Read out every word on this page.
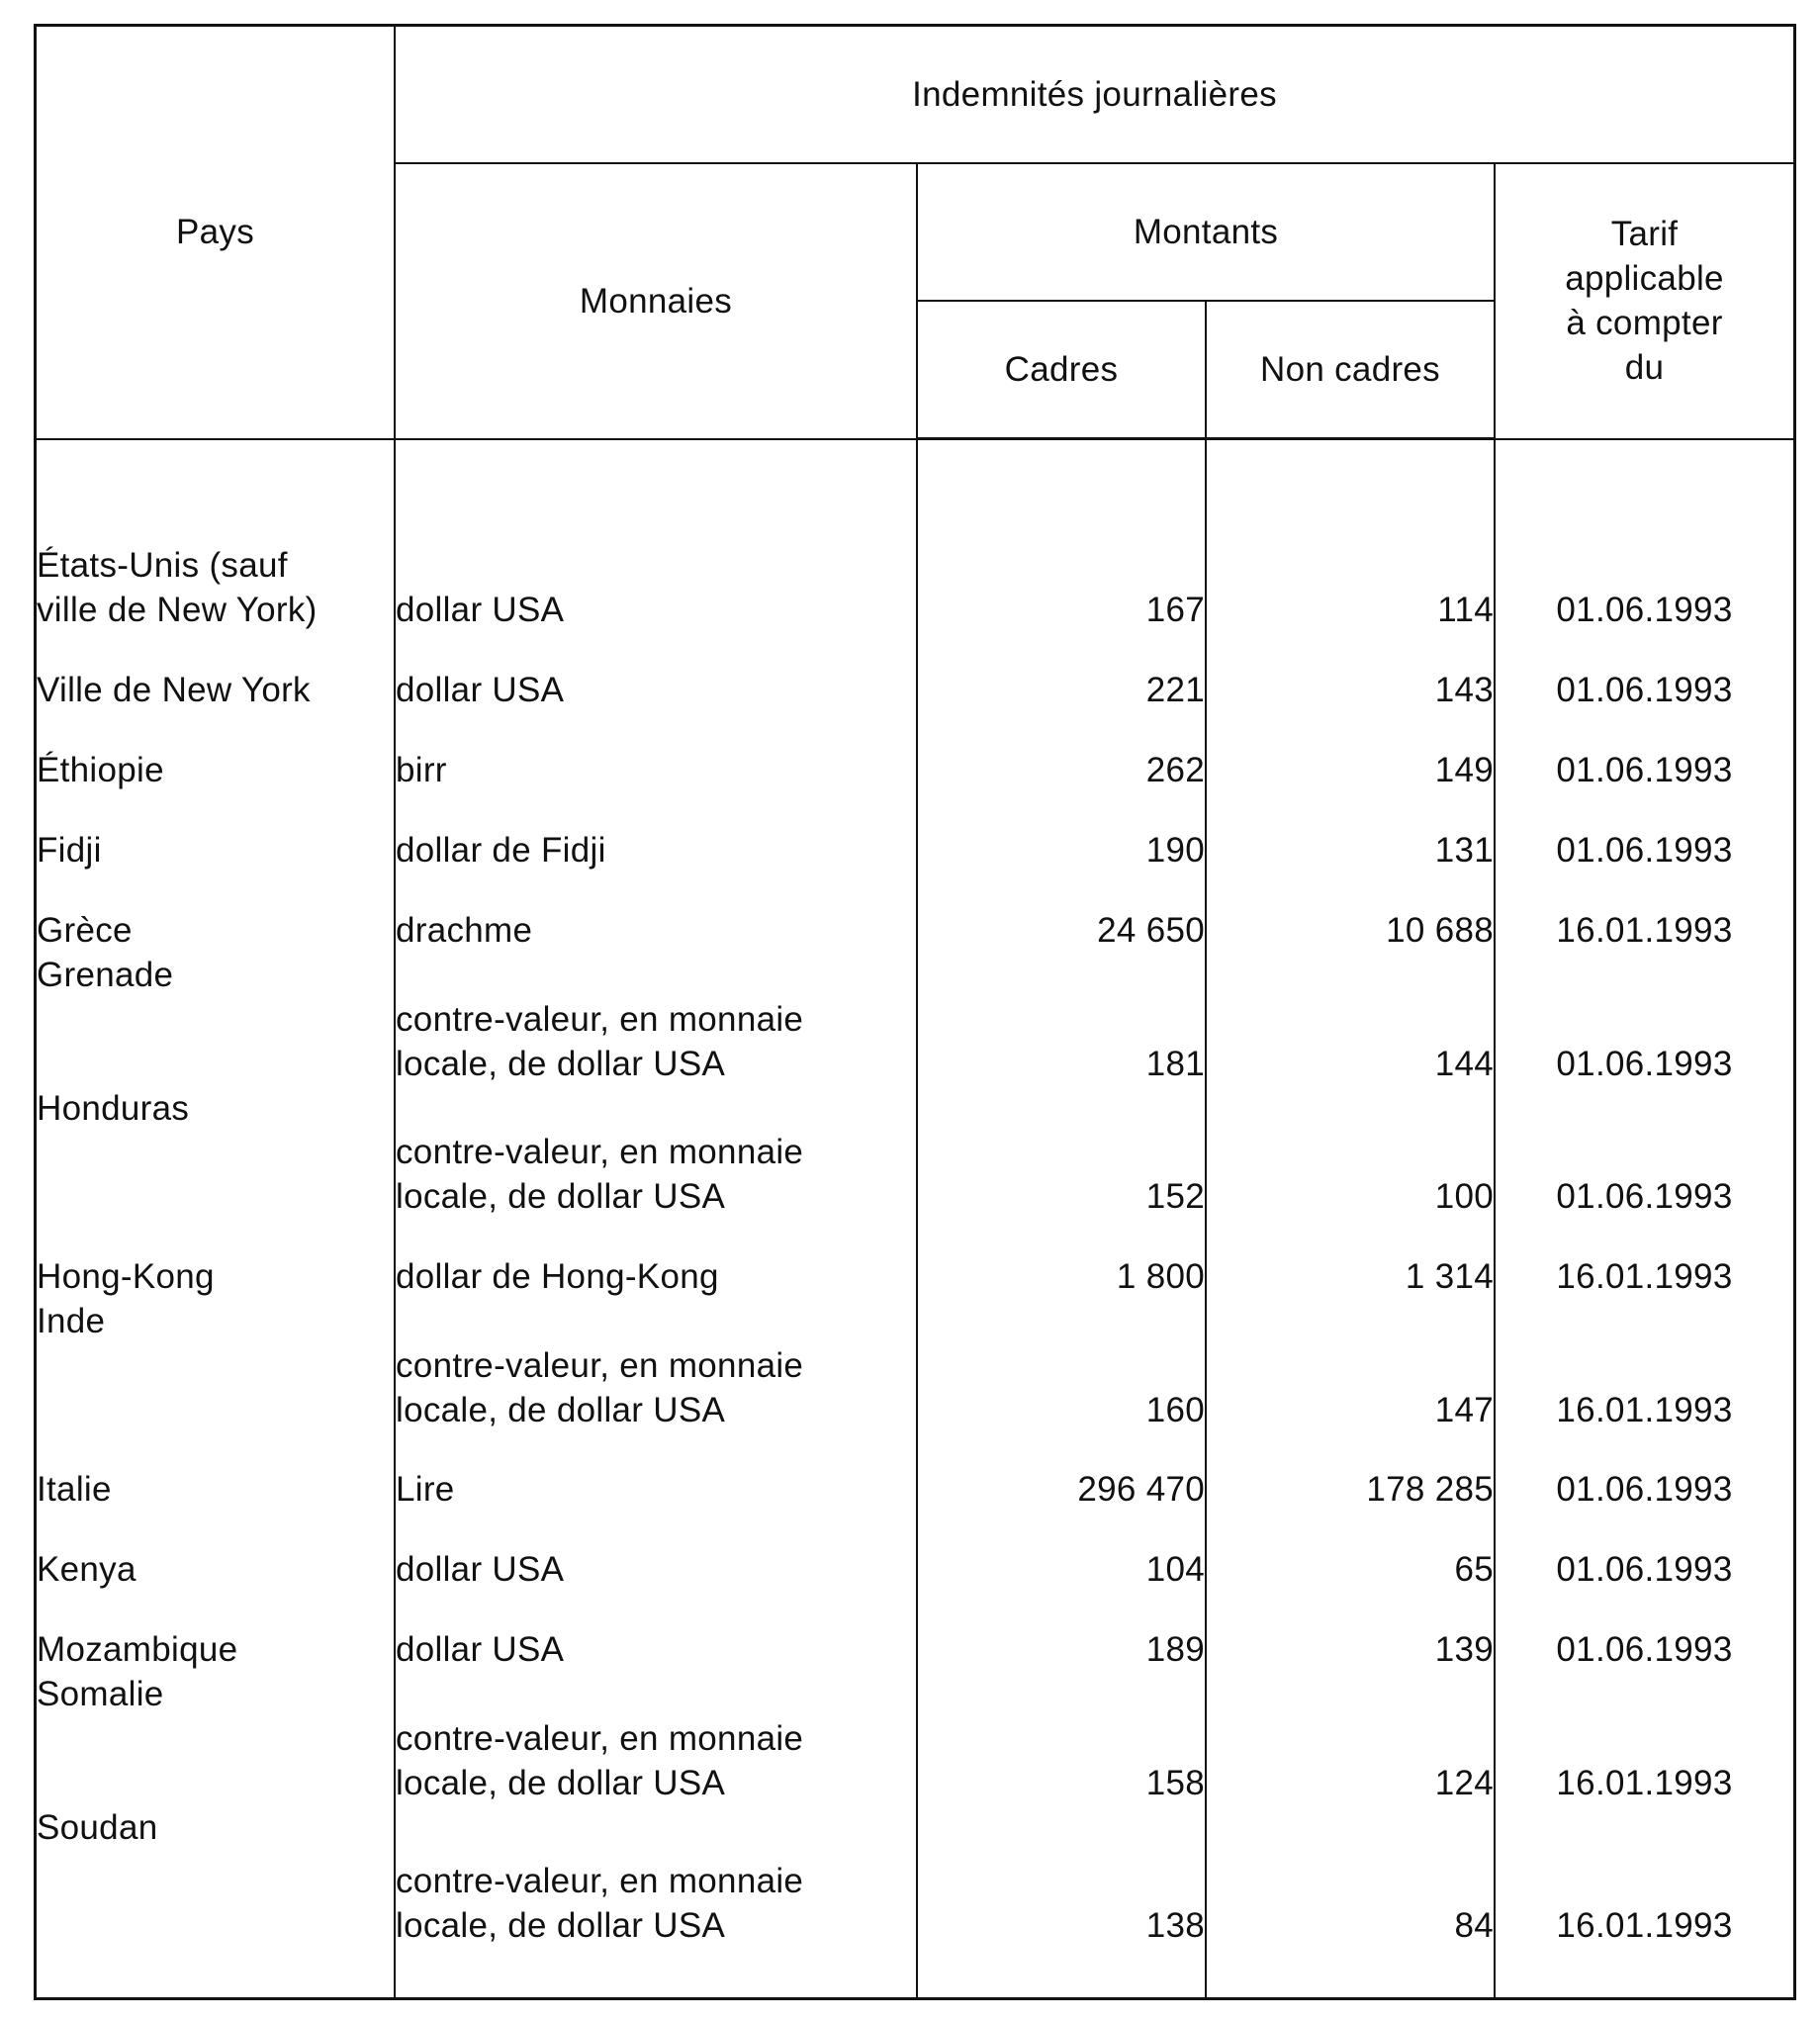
Pays	Indemnités journalières			
	Monnaies	Montants		Tarif
applicable
à compter
du

		Cadres	Non cadres	

États-Unis (sauf
ville de New York)	dollar USA	167	114	01.06.1993
Ville de New York	dollar USA	221	143	01.06.1993
Éthiopie	birr	262	149	01.06.1993
Fidji	dollar de Fidji	190	131	01.06.1993
Grèce	drachme	24 650	10 688	16.01.1993
Grenade	contre-valeur, en monnaie
locale, de dollar USA	181	144	01.06.1993
Honduras	contre-valeur, en monnaie
locale, de dollar USA	152	100	01.06.1993
Hong-Kong	dollar de Hong-Kong	1 800	1 314	16.01.1993
Inde	contre-valeur, en monnaie
locale, de dollar USA	160	147	16.01.1993
Italie	Lire	296 470	178 285	01.06.1993
Kenya	dollar USA	104	65	01.06.1993
Mozambique	dollar USA	189	139	01.06.1993
Somalie	contre-valeur, en monnaie
locale, de dollar USA	158	124	16.01.1993
Soudan	contre-valeur, en monnaie
locale, de dollar USA	138	84	16.01.1993
